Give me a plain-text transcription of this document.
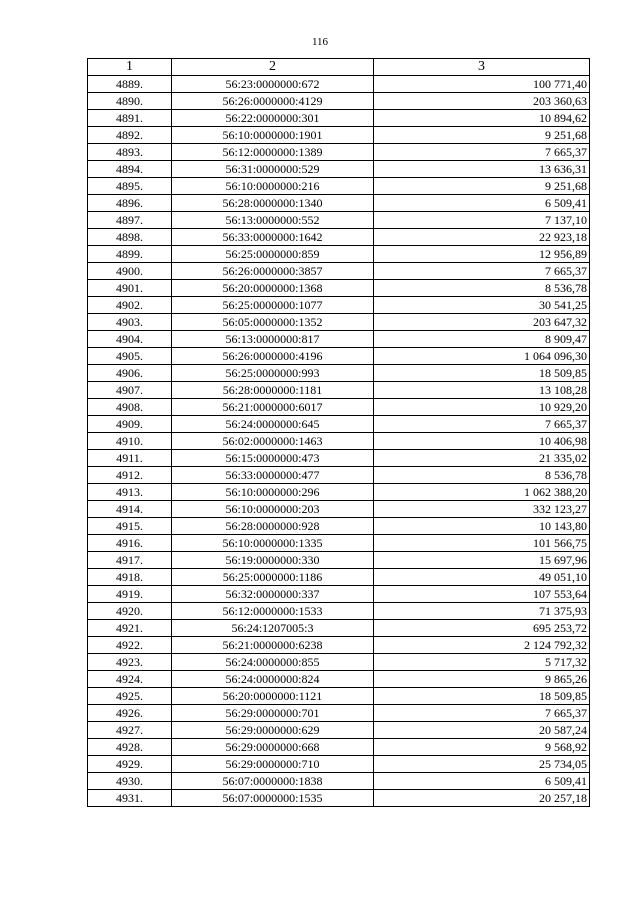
116
1	2	3
4889.	56:23:0000000:672	100 771,40
4890.	56:26:0000000:4129	203 360,63
4891.	56:22:0000000:301	10 894,62
4892.	56:10:0000000:1901	9 251,68
4893.	56:12:0000000:1389	7 665,37
4894.	56:31:0000000:529	13 636,31
4895.	56:10:0000000:216	9 251,68
4896.	56:28:0000000:1340	6 509,41
4897.	56:13:0000000:552	7 137,10
4898.	56:33:0000000:1642	22 923,18
4899.	56:25:0000000:859	12 956,89
4900.	56:26:0000000:3857	7 665,37
4901.	56:20:0000000:1368	8 536,78
4902.	56:25:0000000:1077	30 541,25
4903.	56:05:0000000:1352	203 647,32
4904.	56:13:0000000:817	8 909,47
4905.	56:26:0000000:4196	1 064 096,30
4906.	56:25:0000000:993	18 509,85
4907.	56:28:0000000:1181	13 108,28
4908.	56:21:0000000:6017	10 929,20
4909.	56:24:0000000:645	7 665,37
4910.	56:02:0000000:1463	10 406,98
4911.	56:15:0000000:473	21 335,02
4912.	56:33:0000000:477	8 536,78
4913.	56:10:0000000:296	1 062 388,20
4914.	56:10:0000000:203	332 123,27
4915.	56:28:0000000:928	10 143,80
4916.	56:10:0000000:1335	101 566,75
4917.	56:19:0000000:330	15 697,96
4918.	56:25:0000000:1186	49 051,10
4919.	56:32:0000000:337	107 553,64
4920.	56:12:0000000:1533	71 375,93
4921.	56:24:1207005:3	695 253,72
4922.	56:21:0000000:6238	2 124 792,32
4923.	56:24:0000000:855	5 717,32
4924.	56:24:0000000:824	9 865,26
4925.	56:20:0000000:1121	18 509,85
4926.	56:29:0000000:701	7 665,37
4927.	56:29:0000000:629	20 587,24
4928.	56:29:0000000:668	9 568,92
4929.	56:29:0000000:710	25 734,05
4930.	56:07:0000000:1838	6 509,41
4931.	56:07:0000000:1535	20 257,18
